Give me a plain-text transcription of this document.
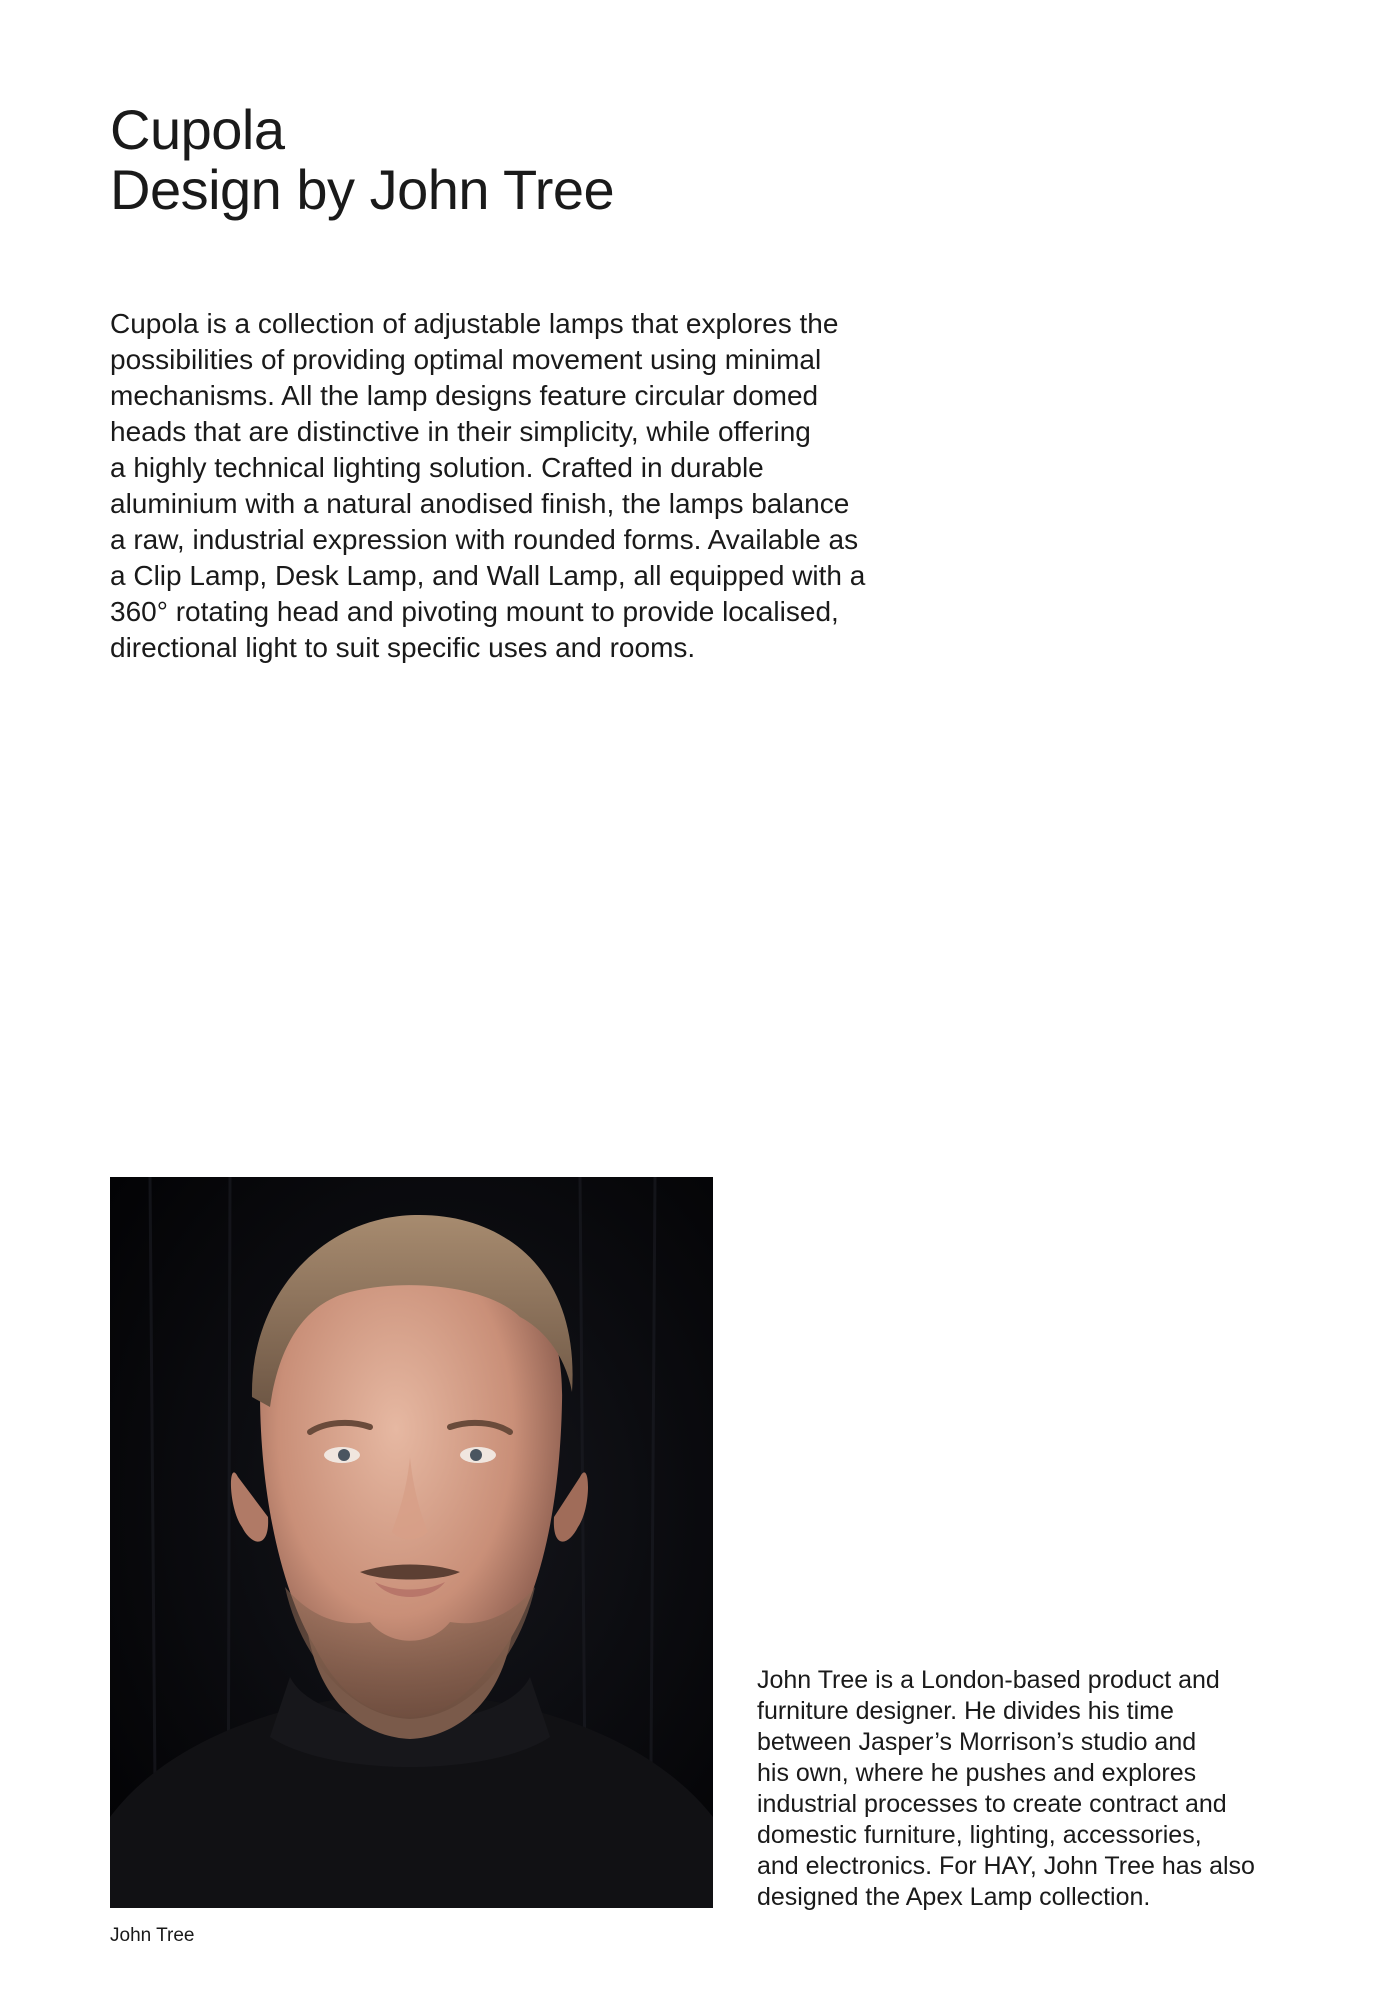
Cupola
Design by John Tree

Cupola is a collection of adjustable lamps that explores the
possibilities of providing optimal movement using minimal
mechanisms. All the lamp designs feature circular domed
heads that are distinctive in their simplicity, while offering
a highly technical lighting solution. Crafted in durable
aluminium with a natural anodised finish, the lamps balance
a raw, industrial expression with rounded forms. Available as
a Clip Lamp, Desk Lamp, and Wall Lamp, all equipped with a
360° rotating head and pivoting mount to provide localised,
directional light to suit specific uses and rooms.

John Tree

John Tree is a London-based product and
furniture designer. He divides his time
between Jasper’s Morrison’s studio and
his own, where he pushes and explores
industrial processes to create contract and
domestic furniture, lighting, accessories,
and electronics. For HAY, John Tree has also
designed the Apex Lamp collection.
